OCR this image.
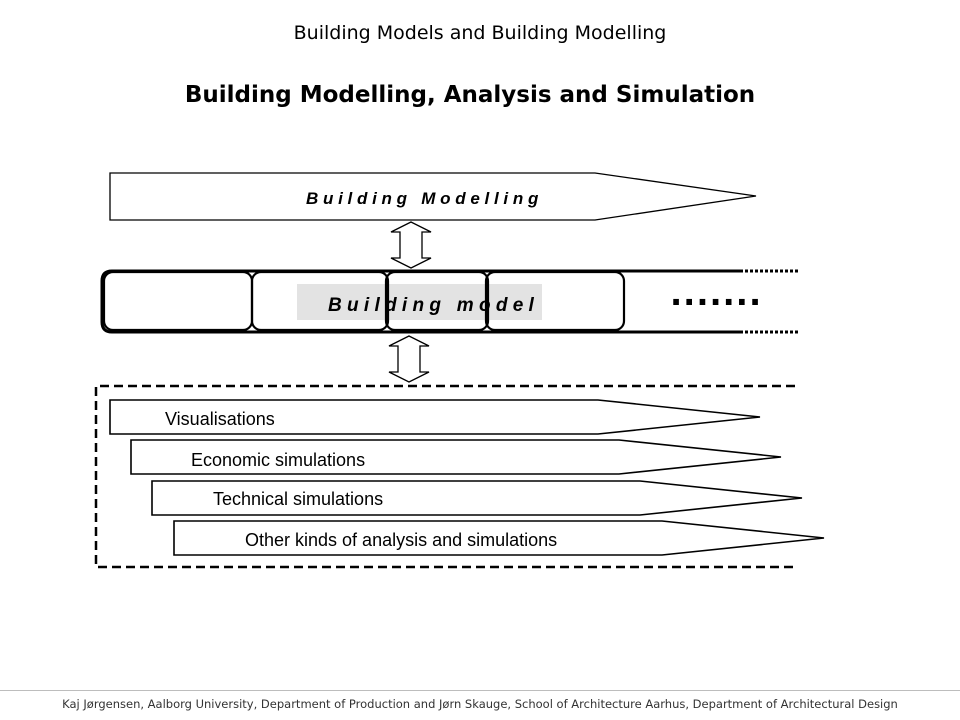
Building Models and Building Modelling
Building Modelling, Analysis and Simulation
B u i l d i n g   M o d e l l i n g
B u i l d i n g   m o d e l	.......
Visualisations
Economic simulations
Technical simulations
Other kinds of analysis and simulations
Kaj Jørgensen, Aalborg University, Department of Production and Jørn Skauge, School of Architecture Aarhus, Department of Architectural Design
